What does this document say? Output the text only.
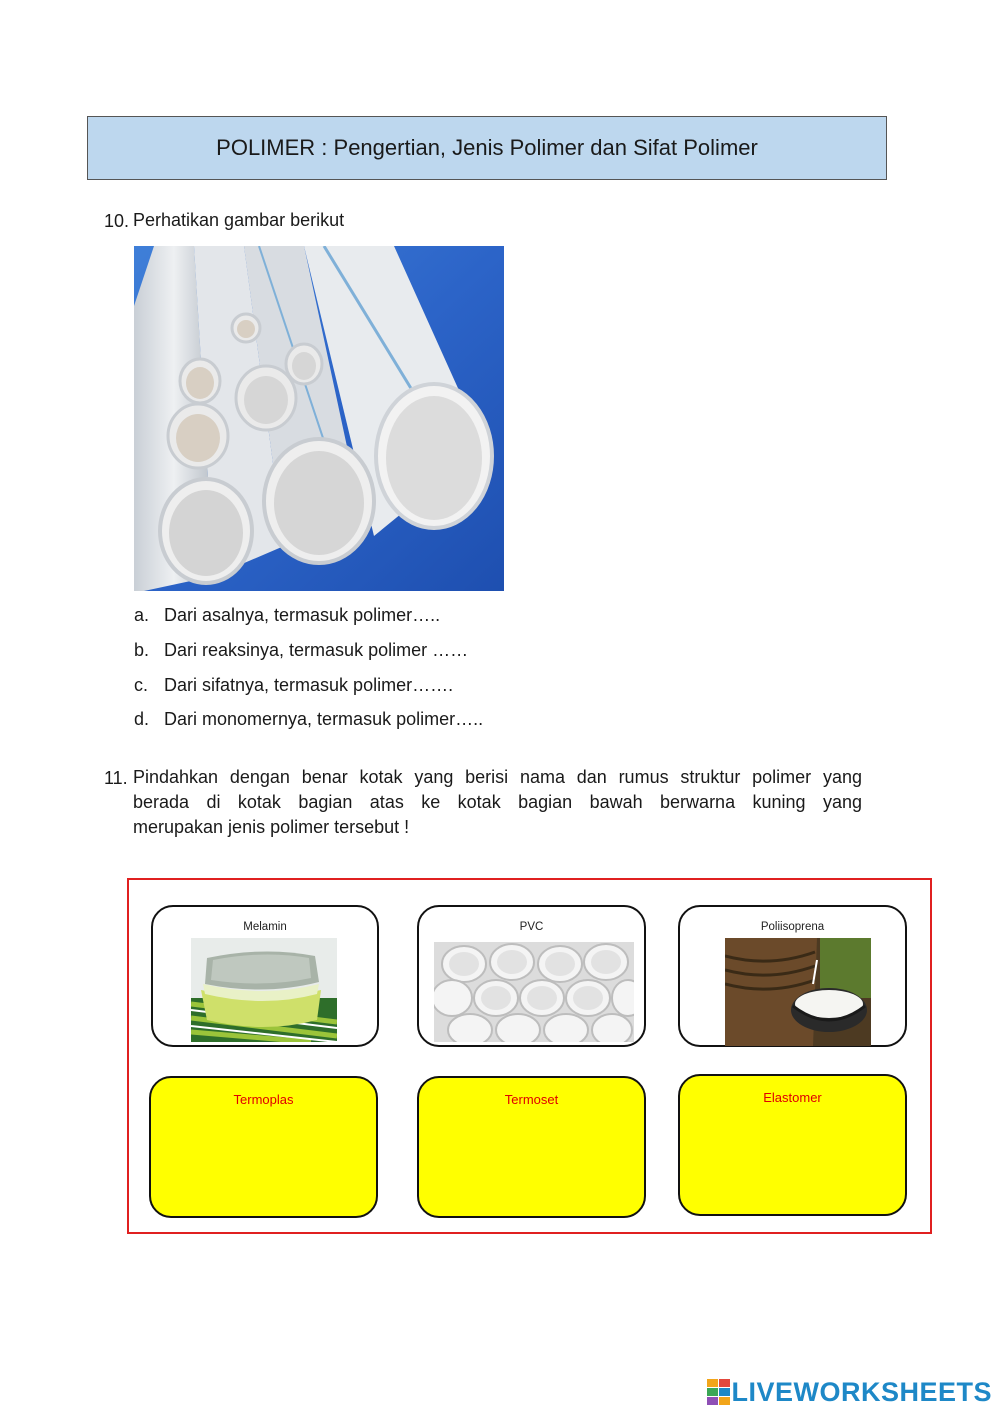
POLIMER : Pengertian, Jenis Polimer dan Sifat Polimer
10. Perhatikan gambar berikut
a. Dari asalnya, termasuk polimer…..
b. Dari reaksinya, termasuk polimer ……
c. Dari sifatnya, termasuk polimer…….
d. Dari monomernya, termasuk polimer…..
11. Pindahkan dengan benar kotak yang berisi nama dan rumus struktur polimer yang
berada di kotak bagian atas ke kotak bagian bawah berwarna kuning yang
merupakan jenis polimer tersebut !
Melamin	PVC	Poliisoprena
Termoplas	Termoset	Elastomer
LIVEWORKSHEETS
